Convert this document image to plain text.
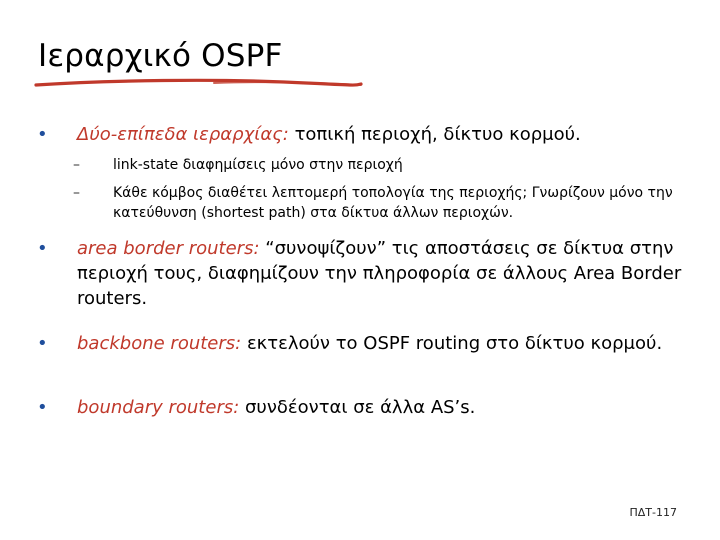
Ιεραρχικό OSPF
• Δύο-επίπεδα ιεραρχίας: τοπική περιοχή, δίκτυο κορμού.
– link-state διαφημίσεις μόνο στην περιοχή
– Κάθε κόμβος διαθέτει λεπτομερή τοπολογία της περιοχής; Γνωρίζουν μόνο την κατεύθυνση (shortest path) στα δίκτυα άλλων περιοχών.
• area border routers: “συνοψίζουν” τις αποστάσεις σε δίκτυα στην περιοχή τους, διαφημίζουν την πληροφορία σε άλλους Area Border routers.
• backbone routers: εκτελούν το OSPF routing στο δίκτυο κορμού.
• boundary routers: συνδέονται σε άλλα AS’s.
ΠΔΤ-117
